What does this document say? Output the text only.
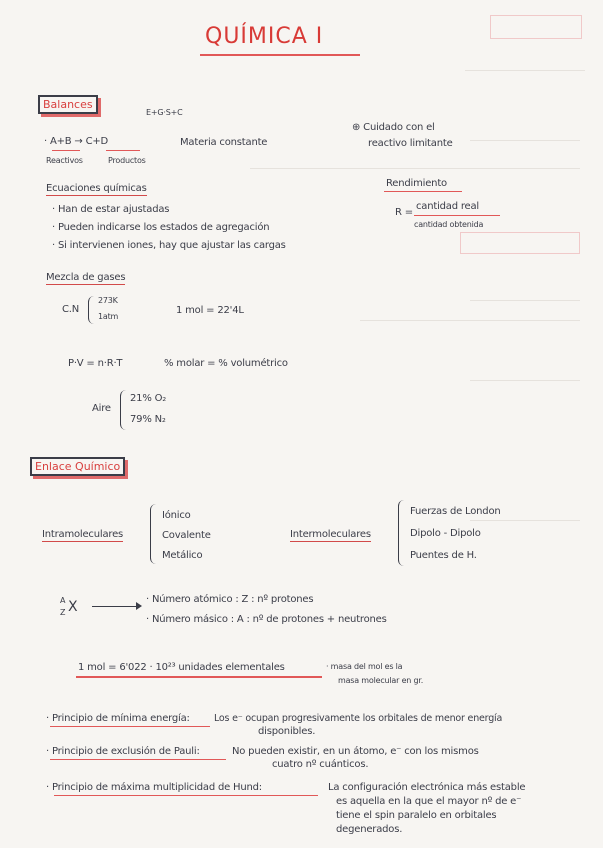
QUÍMICA I
Balances
E+G·S+C
· A+B → C+D
Reactivos	Productos
Materia constante
⊕ Cuidado con el
reactivo limitante
Ecuaciones químicas	Rendimiento
R =
cantidad real
cantidad obtenida
· Han de estar ajustadas
· Pueden indicarse los estados de agregación
· Si intervienen iones, hay que ajustar las cargas
Mezcla de gases
C.N
273K
1atm
1 mol = 22'4L
P·V = n·R·T	% molar = % volumétrico
Aire
21% O₂
79% N₂
Enlace Químico
Intramoleculares
Iónico
Covalente
Metálico
Intermoleculares
Fuerzas de London
Dipolo - Dipolo
Puentes de H.
A
Z X	· Número atómico : Z : nº protones
· Número másico : A : nº de protones + neutrones
1 mol = 6'022 · 10²³ unidades elementales	· masa del mol es la
masa molecular en gr.
· Principio de mínima energía:	Los e⁻ ocupan progresivamente los orbitales de menor energía
disponibles.
· Principio de exclusión de Pauli:	No pueden existir, en un átomo, e⁻ con los mismos
cuatro nº cuánticos.
· Principio de máxima multiplicidad de Hund:	La configuración electrónica más estable
es aquella en la que el mayor nº de e⁻
tiene el spin paralelo en orbitales
degenerados.
